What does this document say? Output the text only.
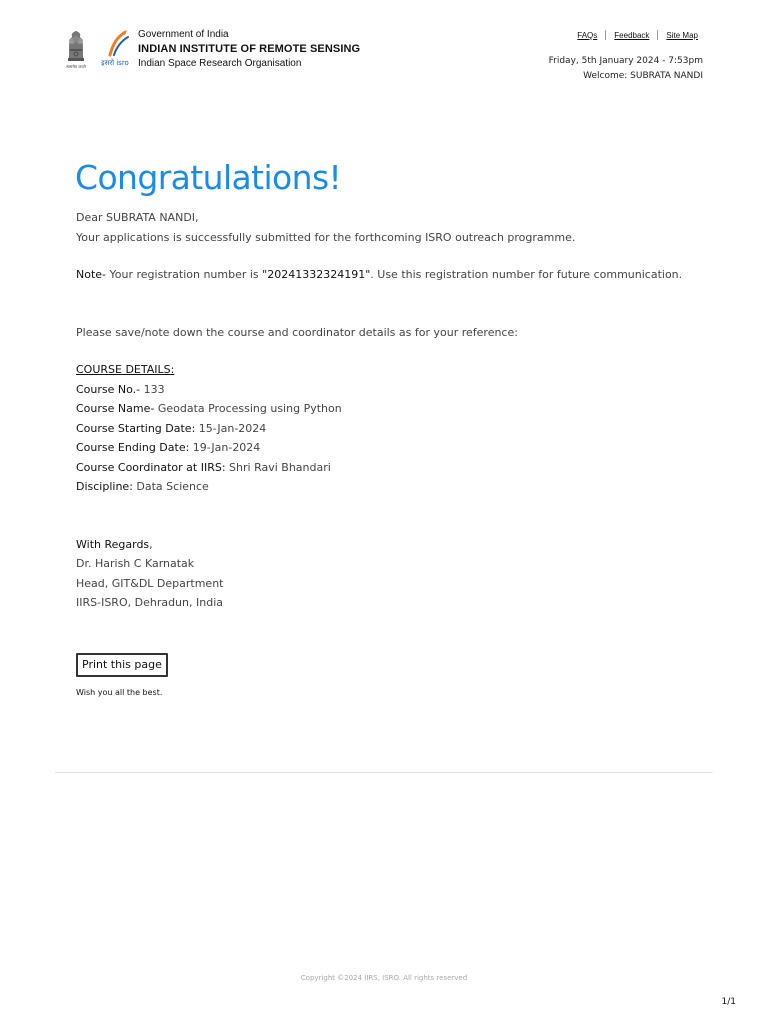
सत्यमेव जयते इसरो isro
Government of India
INDIAN INSTITUTE OF REMOTE SENSING
Indian Space Research Organisation
FAQs Feedback Site Map
Friday, 5th January 2024 - 7:53pm
Welcome: SUBRATA NANDI
Congratulations!

Dear SUBRATA NANDI,

Your applications is successfully submitted for the forthcoming ISRO outreach programme.

Note- Your registration number is "20241332324191". Use this registration number for future communication.

Please save/note down the course and coordinator details as for your reference:

COURSE DETAILS:

Course No.- 133

Course Name- Geodata Processing using Python

Course Starting Date: 15-Jan-2024

Course Ending Date: 19-Jan-2024

Course Coordinator at IIRS: Shri Ravi Bhandari

Discipline: Data Science

With Regards,

Dr. Harish C Karnatak

Head, GIT&DL Department

IIRS-ISRO, Dehradun, India

Print this page
Wish you all the best.
Copyright ©2024 IIRS, ISRO. All rights reserved
1/1
